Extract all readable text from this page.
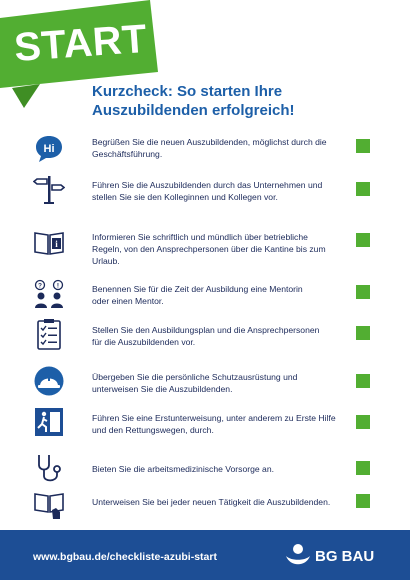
START
Kurzcheck: So starten Ihre
Auszubildenden erfolgreich!
Hi
Begrüßen Sie die neuen Auszubildenden, möglichst durch die
Geschäftsführung.
Führen Sie die Auszubildenden durch das Unternehmen und
stellen Sie sie den Kolleginnen und Kollegen vor.
i
Informieren Sie schriftlich und mündlich über betriebliche
Regeln, von den Ansprechpersonen über die Kantine bis zum
Urlaub.
? !	Benennen Sie für die Zeit der Ausbildung eine Mentorin
oder einen Mentor.
Stellen Sie den Ausbildungsplan und die Ansprechpersonen
für die Auszubildenden vor.
Übergeben Sie die persönliche Schutzausrüstung und
unterweisen Sie die Auszubildenden.
Führen Sie eine Erstunterweisung, unter anderem zu Erste Hilfe
und den Rettungswegen, durch.
Bieten Sie die arbeitsmedizinische Vorsorge an.
Unterweisen Sie bei jeder neuen Tätigkeit die Auszubildenden.
www.bgbau.de/checkliste-azubi-start	BG BAU
